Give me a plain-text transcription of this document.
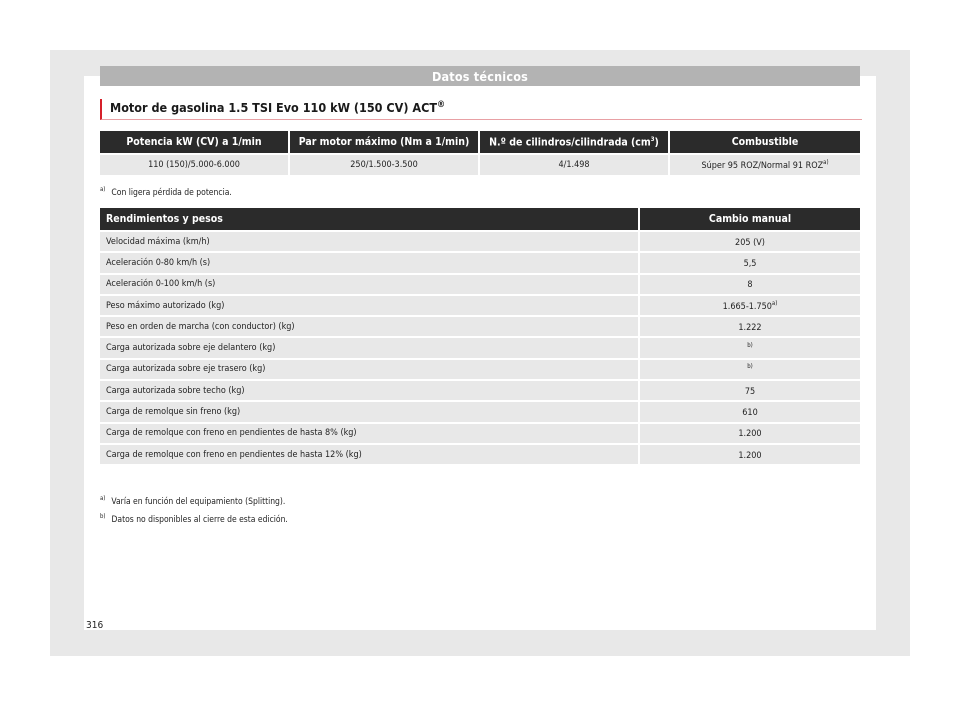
Datos técnicos
Motor de gasolina 1.5 TSI Evo 110 kW (150 CV) ACT®
Potencia kW (CV) a 1/min	Par motor máximo (Nm a 1/min)	N.º de cilindros/cilindrada $(cm^3)$	Combustible
110 (150)/5.000-6.000	250/1.500-3.500	4/1.498	Súper 95 ROZ/Normal 91 ROZ$^{a)}$
$^{a)}$ Con ligera pérdida de potencia.
Rendimientos y pesos	Cambio manual
Velocidad máxima (km/h)	205 (V)
Aceleración 0-80 km/h (s)	5,5
Aceleración 0-100 km/h (s)	8
Peso máximo autorizado (kg)	1.665-1.750$^{a)}$
Peso en orden de marcha (con conductor) (kg)	1.222
Carga autorizada sobre eje delantero (kg)	$^{b)}$
Carga autorizada sobre eje trasero (kg)	$^{b)}$
Carga autorizada sobre techo (kg)	75
Carga de remolque sin freno (kg)	610
Carga de remolque con freno en pendientes de hasta 8% (kg)	1.200
Carga de remolque con freno en pendientes de hasta 12% (kg)	1.200
$^{a)}$ Varía en función del equipamiento (Splitting).
$^{b)}$ Datos no disponibles al cierre de esta edición.
316
